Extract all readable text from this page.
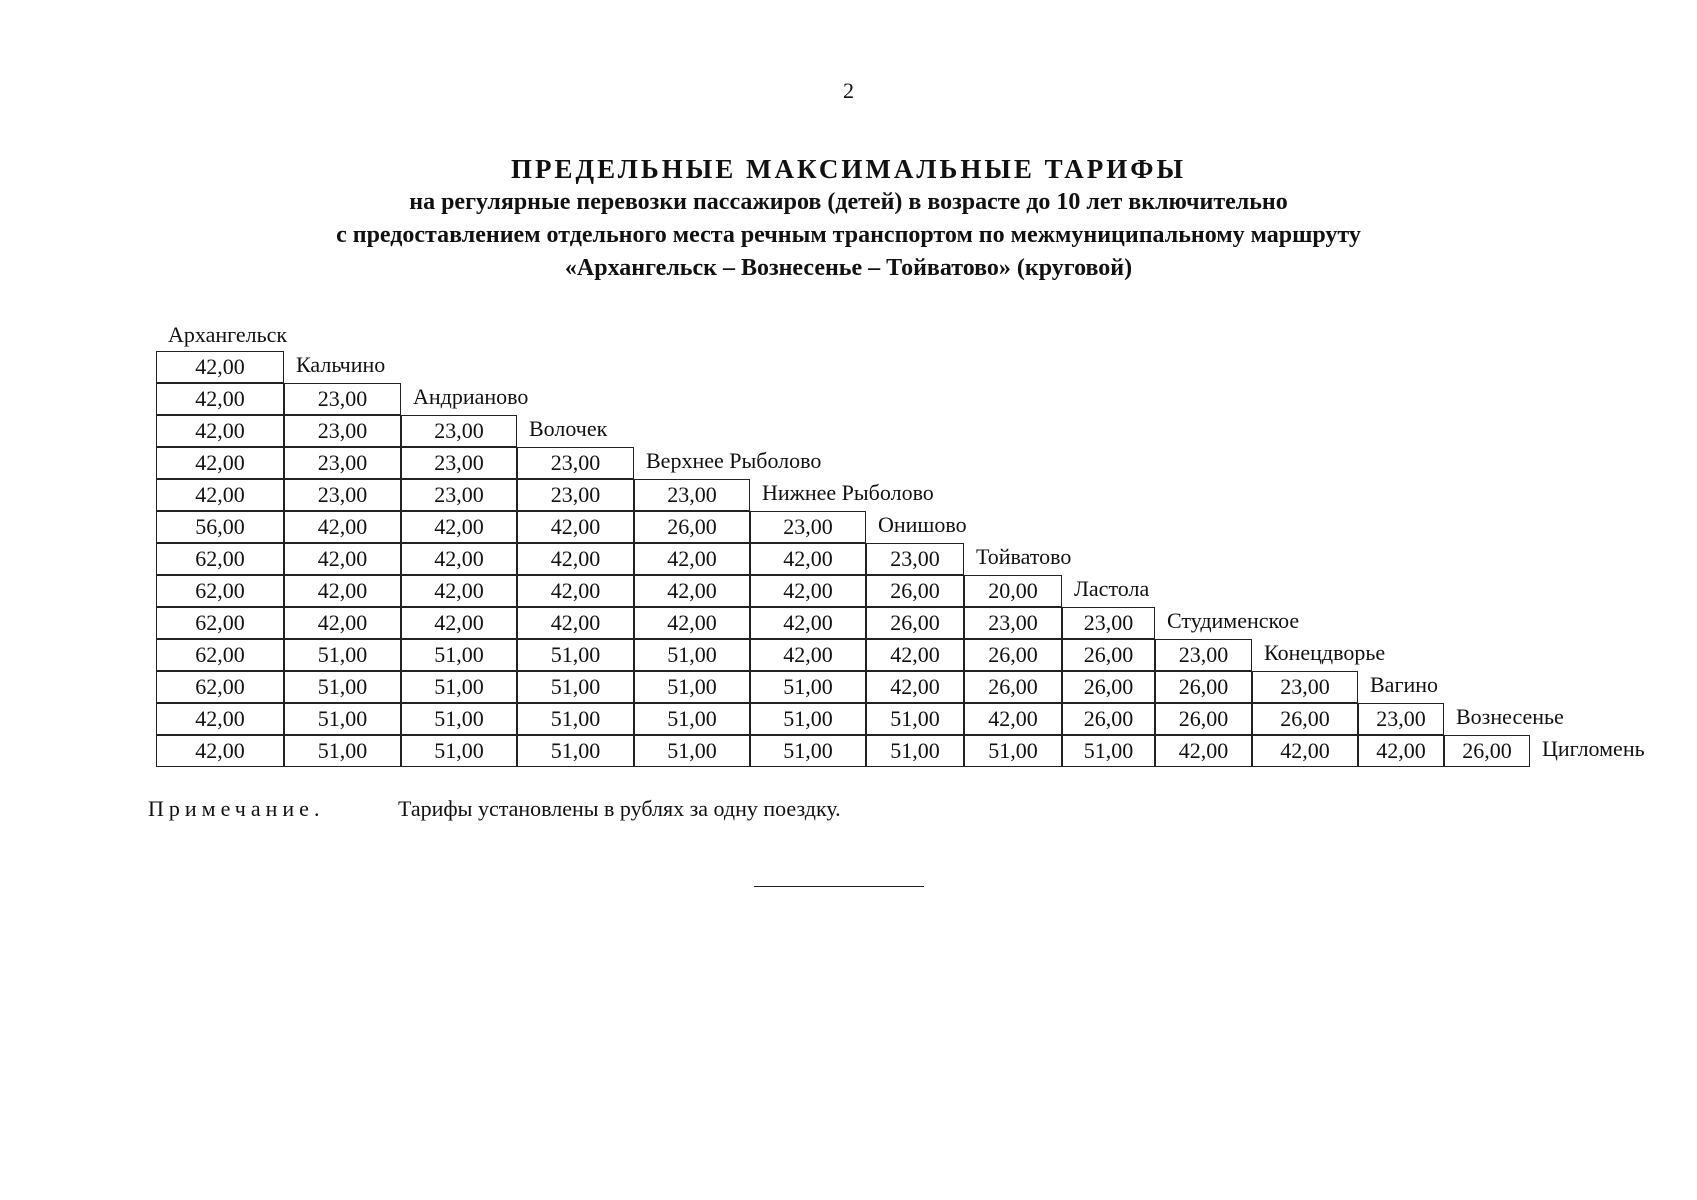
2
ПРЕДЕЛЬНЫЕ МАКСИМАЛЬНЫЕ ТАРИФЫ
на регулярные перевозки пассажиров (детей) в возрасте до 10 лет включительно
с предоставлением отдельного места речным транспортом по межмуниципальному маршруту
«Архангельск – Вознесенье – Тойватово» (круговой)
Архангельск
42,00	Кальчино
42,00	23,00	Андрианово
42,00	23,00	23,00	Волочек
42,00	23,00	23,00	23,00	Верхнее Рыболово
42,00	23,00	23,00	23,00	23,00	Нижнее Рыболово
56,00	42,00	42,00	42,00	26,00	23,00	Онишово
62,00	42,00	42,00	42,00	42,00	42,00	23,00	Тойватово
62,00	42,00	42,00	42,00	42,00	42,00	26,00	20,00	Ластола
62,00	42,00	42,00	42,00	42,00	42,00	26,00	23,00	23,00	Студименское
62,00	51,00	51,00	51,00	51,00	42,00	42,00	26,00	26,00	23,00	Конецдворье
62,00	51,00	51,00	51,00	51,00	51,00	42,00	26,00	26,00	26,00	23,00	Вагино
42,00	51,00	51,00	51,00	51,00	51,00	51,00	42,00	26,00	26,00	26,00	23,00	Вознесенье
42,00	51,00	51,00	51,00	51,00	51,00	51,00	51,00	51,00	42,00	42,00	42,00	26,00	Цигломень
Примечание.	Тарифы установлены в рублях за одну поездку.
